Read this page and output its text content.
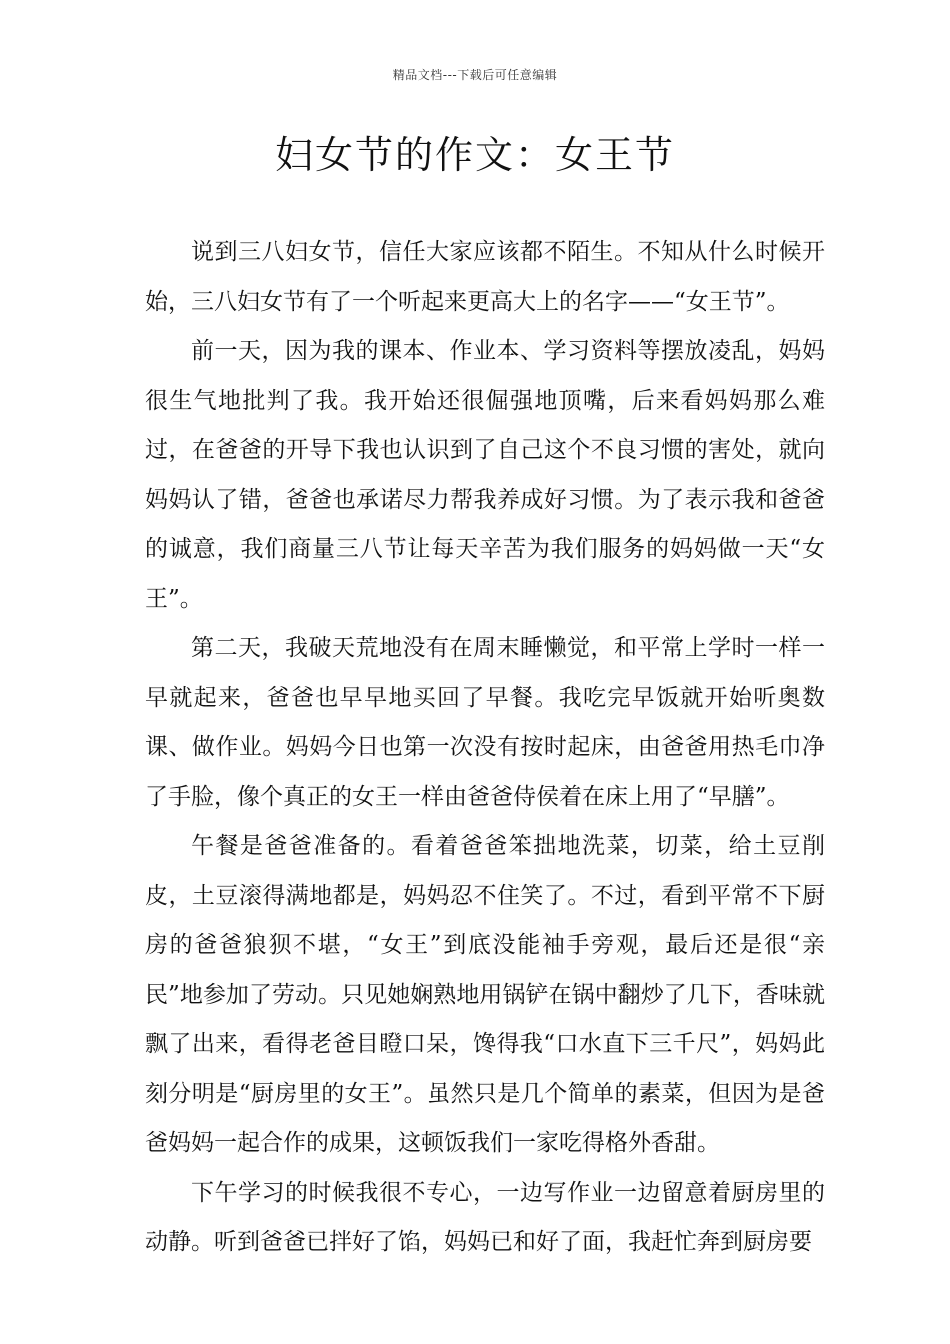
精品文档---下载后可任意编辑
妇女节的作文：女王节

说到三八妇女节，信任大家应该都不陌生。不知从什么时候开始，三八妇女节有了一个听起来更高大上的名字——“女王节”。

前一天，因为我的课本、作业本、学习资料等摆放凌乱，妈妈很生气地批判了我。我开始还很倔强地顶嘴，后来看妈妈那么难过，在爸爸的开导下我也认识到了自己这个不良习惯的害处，就向妈妈认了错，爸爸也承诺尽力帮我养成好习惯。为了表示我和爸爸的诚意，我们商量三八节让每天辛苦为我们服务的妈妈做一天“女王”。

第二天，我破天荒地没有在周末睡懒觉，和平常上学时一样一早就起来，爸爸也早早地买回了早餐。我吃完早饭就开始听奥数课、做作业。妈妈今日也第一次没有按时起床，由爸爸用热毛巾净了手脸，像个真正的女王一样由爸爸侍侯着在床上用了“早膳”。

午餐是爸爸准备的。看着爸爸笨拙地洗菜，切菜，给土豆削皮，土豆滚得满地都是，妈妈忍不住笑了。不过，看到平常不下厨房的爸爸狼狈不堪，“女王”到底没能袖手旁观，最后还是很“亲民”地参加了劳动。只见她娴熟地用锅铲在锅中翻炒了几下，香味就飘了出来，看得老爸目瞪口呆，馋得我“口水直下三千尺”，妈妈此刻分明是“厨房里的女王”。虽然只是几个简单的素菜，但因为是爸爸妈妈一起合作的成果，这顿饭我们一家吃得格外香甜。

下午学习的时候我很不专心，一边写作业一边留意着厨房里的动静。听到爸爸已拌好了馅，妈妈已和好了面，我赶忙奔到厨房要
